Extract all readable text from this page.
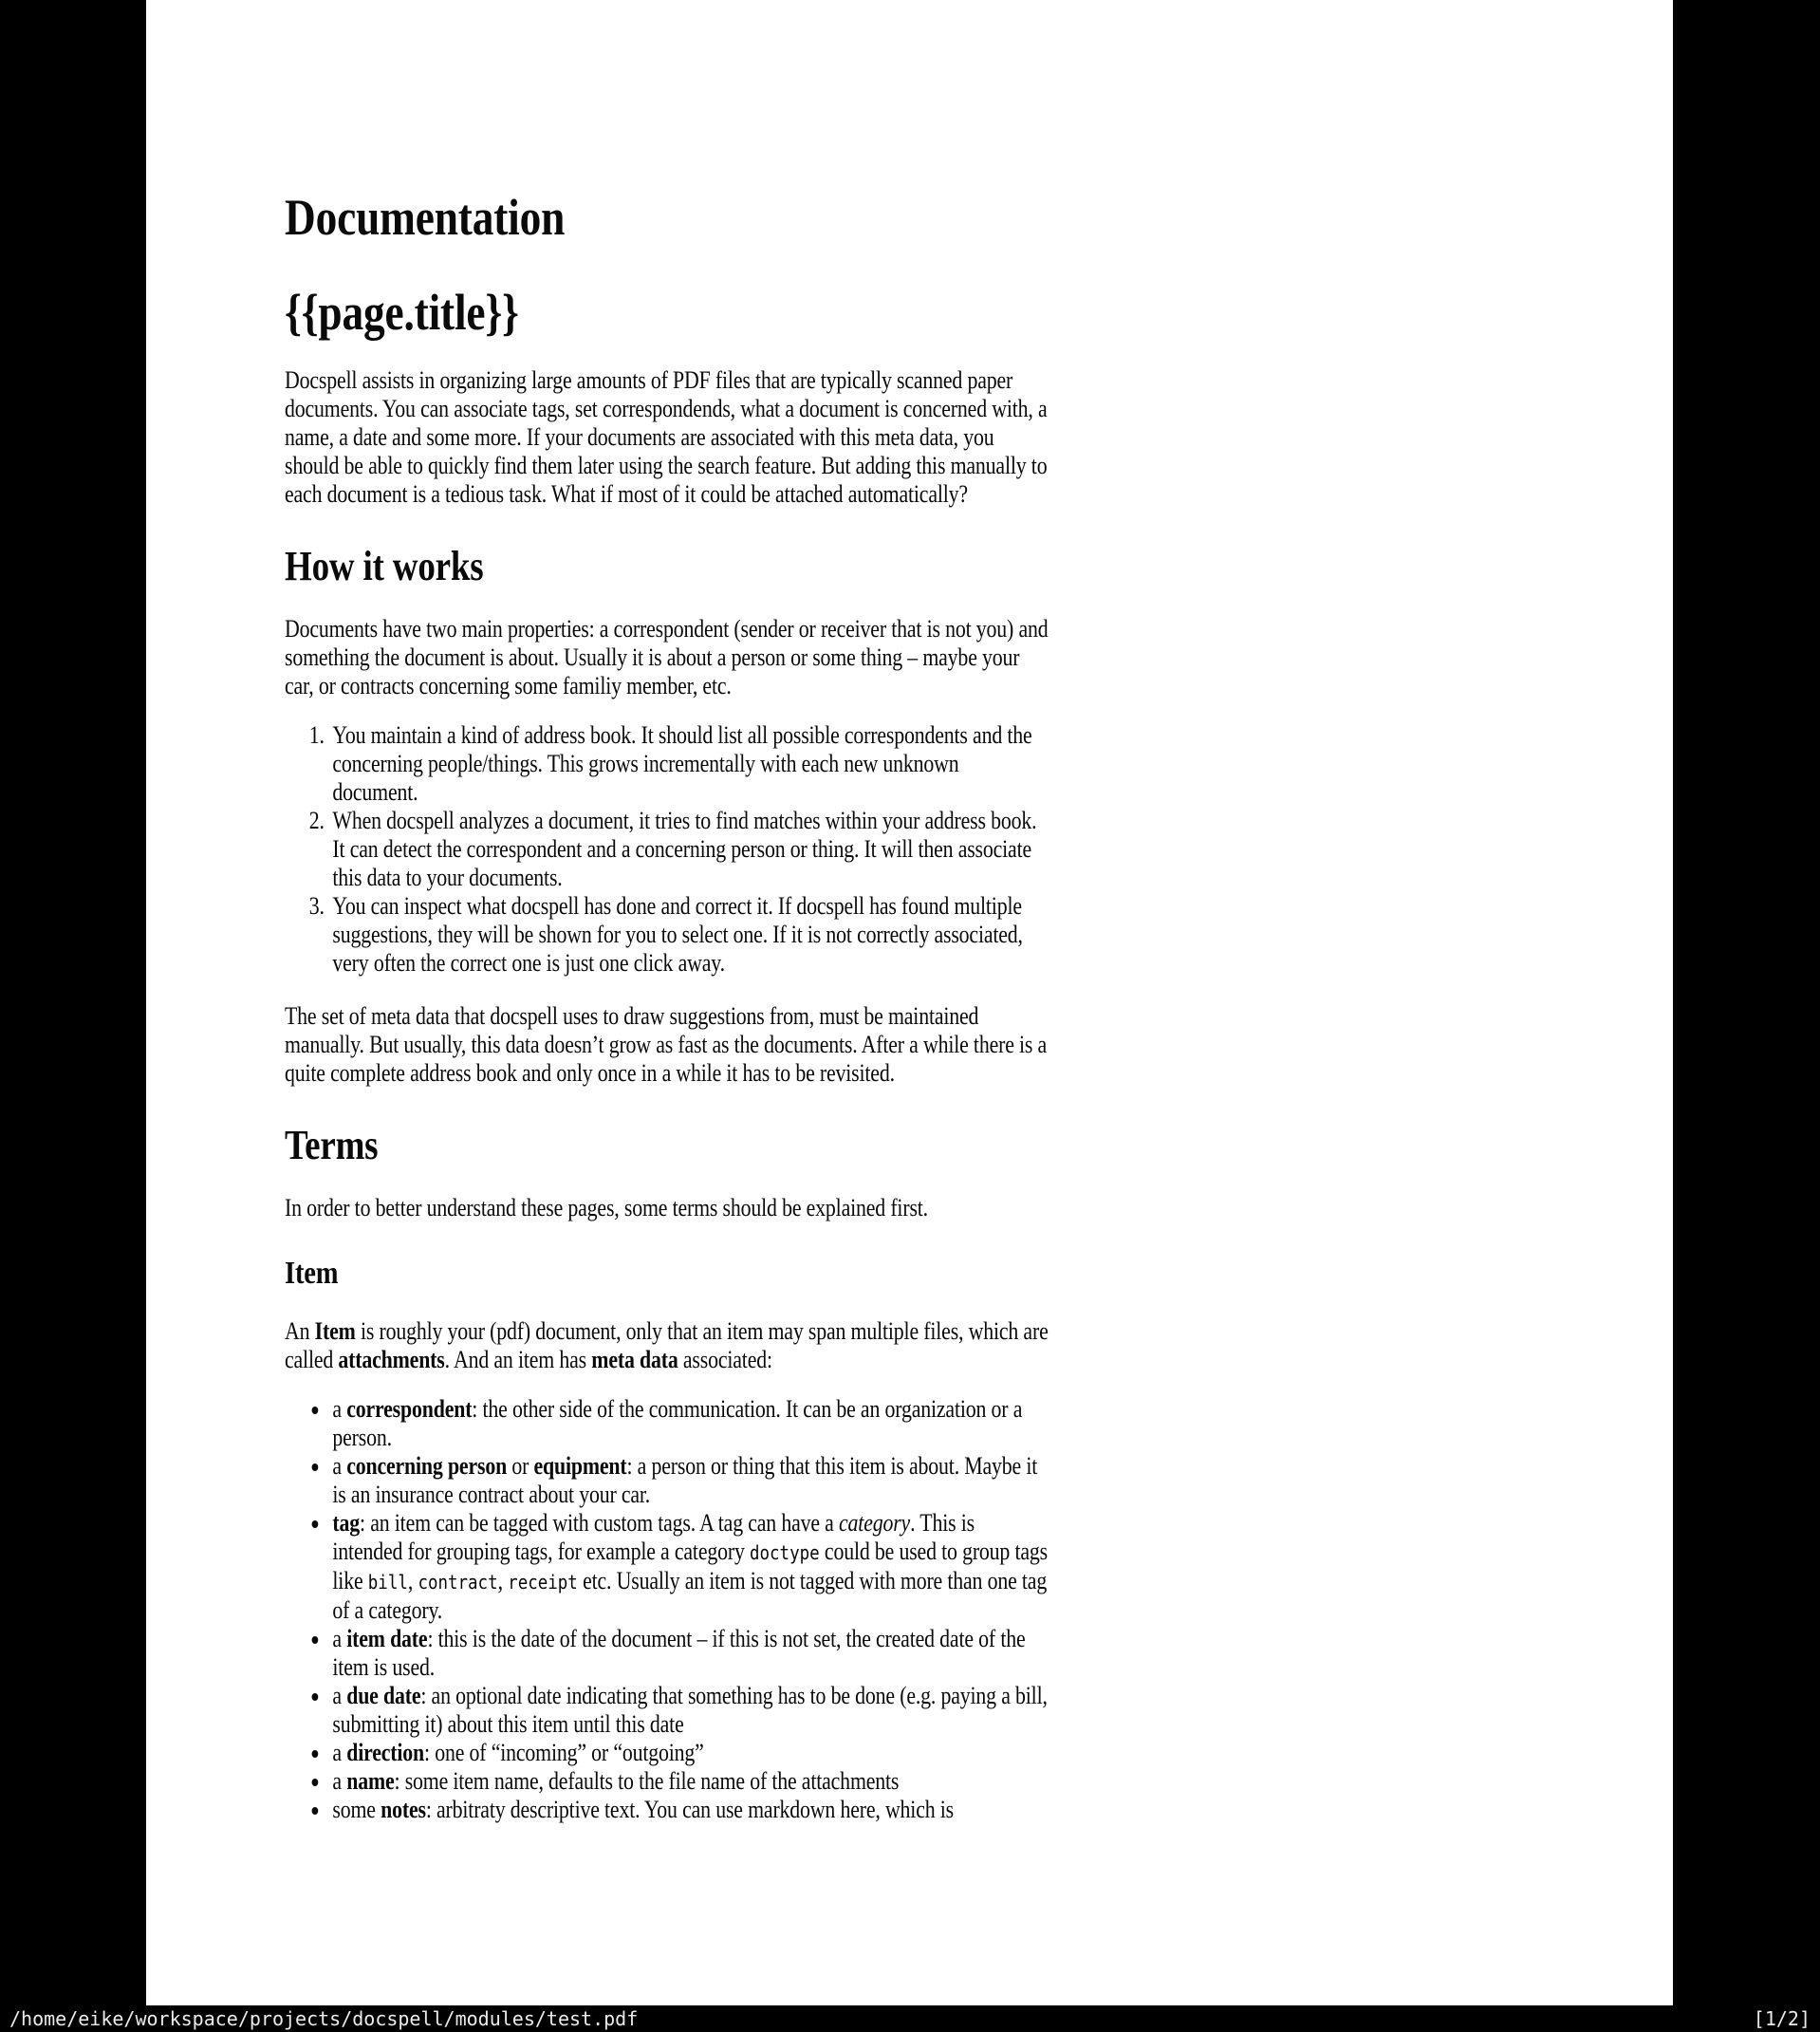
Documentation
{{page.title}}

Docspell assists in organizing large amounts of PDF files that are typically scanned paper documents. You can associate tags, set correspondends, what a document is concerned with, a name, a date and some more. If your documents are associated with this meta data, you should be able to quickly find them later using the search feature. But adding this manually to each document is a tedious task. What if most of it could be attached automatically?

How it works

Documents have two main properties: a correspondent (sender or receiver that is not you) and something the document is about. Usually it is about a person or some thing – maybe your car, or contracts concerning some familiy member, etc.

1. You maintain a kind of address book. It should list all possible correspondents and the concerning people/things. This grows incrementally with each new unknown document.
2. When docspell analyzes a document, it tries to find matches within your address book. It can detect the correspondent and a concerning person or thing. It will then associate this data to your documents.
3. You can inspect what docspell has done and correct it. If docspell has found multiple suggestions, they will be shown for you to select one. If it is not correctly associated, very often the correct one is just one click away.

The set of meta data that docspell uses to draw suggestions from, must be maintained manually. But usually, this data doesn’t grow as fast as the documents. After a while there is a quite complete address book and only once in a while it has to be revisited.

Terms

In order to better understand these pages, some terms should be explained first.

Item

An Item is roughly your (pdf) document, only that an item may span multiple files, which are called attachments. And an item has meta data associated:

• a correspondent: the other side of the communication. It can be an organization or a person.
• a concerning person or equipment: a person or thing that this item is about. Maybe it is an insurance contract about your car.
• tag: an item can be tagged with custom tags. A tag can have a category. This is intended for grouping tags, for example a category doctype could be used to group tags like bill, contract, receipt etc. Usually an item is not tagged with more than one tag of a category.
• a item date: this is the date of the document – if this is not set, the created date of the item is used.
• a due date: an optional date indicating that something has to be done (e.g. paying a bill, submitting it) about this item until this date
• a direction: one of “incoming” or “outgoing”
• a name: some item name, defaults to the file name of the attachments
• some notes: arbitraty descriptive text. You can use markdown here, which is
/home/eike/workspace/projects/docspell/modules/test.pdf	[1/2]
